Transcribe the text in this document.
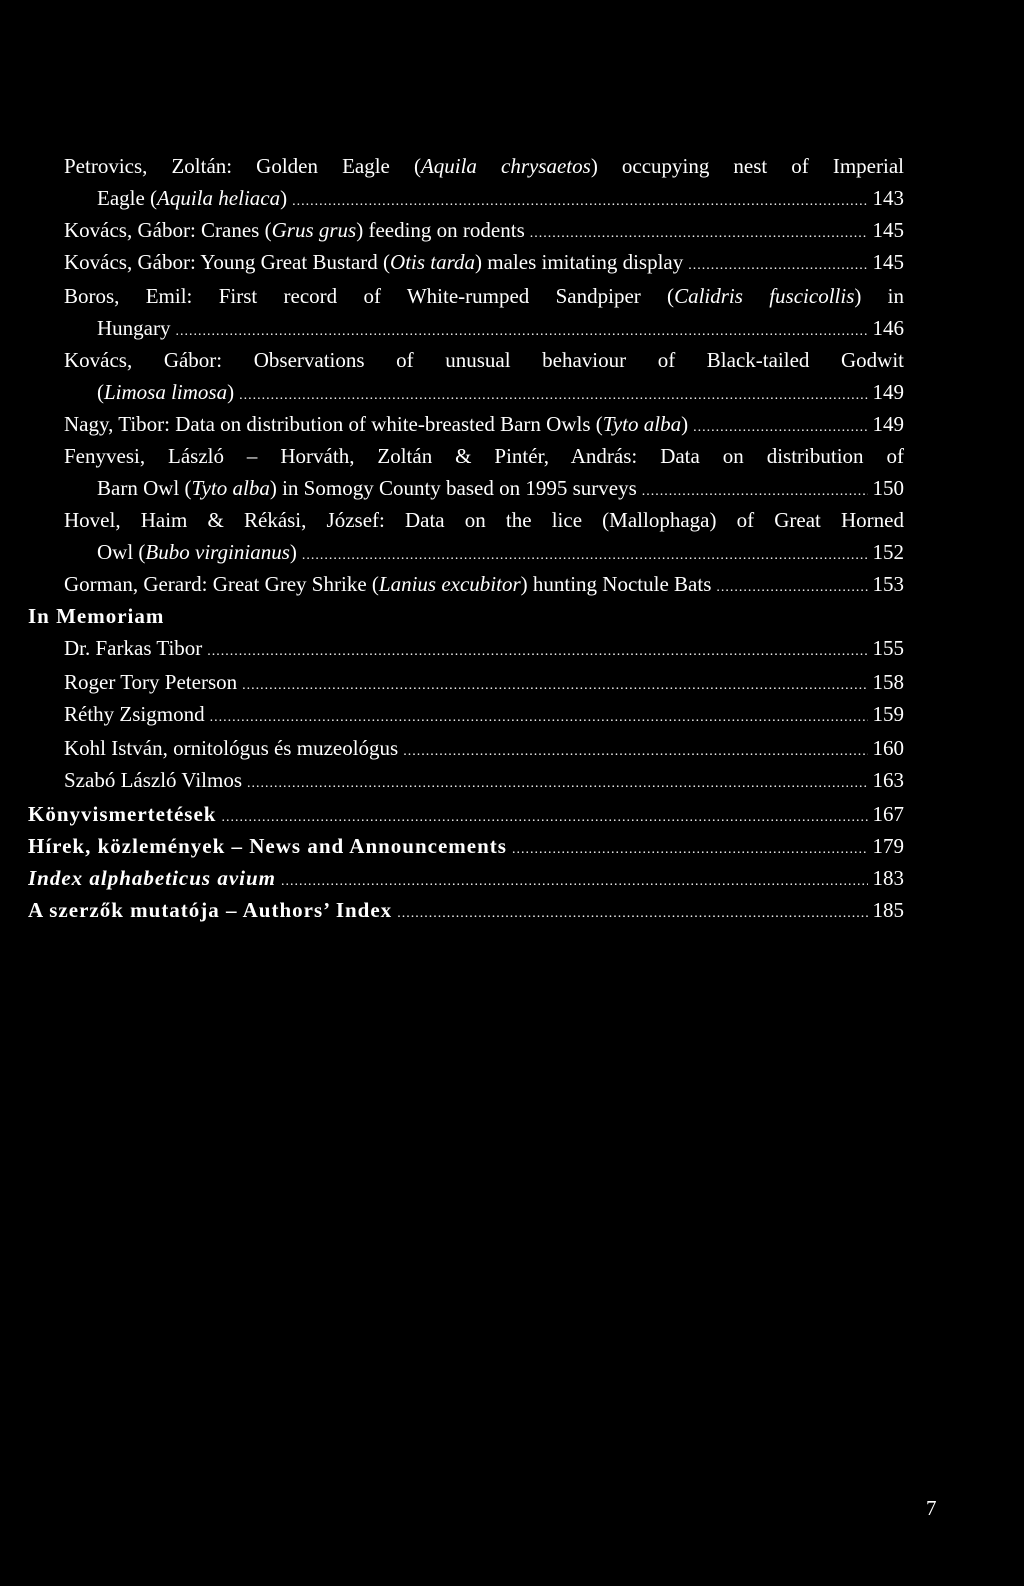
Petrovics, Zoltán: Golden Eagle (Aquila chrysaetos) occupying nest of Imperial
Eagle (Aquila heliaca) .....	143
Kovács, Gábor: Cranes (Grus grus) feeding on rodents .....	145
Kovács, Gábor: Young Great Bustard (Otis tarda) males imitating display .....	145
Boros, Emil: First record of White-rumped Sandpiper (Calidris fuscicollis) in
Hungary .....	146
Kovács, Gábor: Observations of unusual behaviour of Black-tailed Godwit
(Limosa limosa) .....	149
Nagy, Tibor: Data on distribution of white-breasted Barn Owls (Tyto alba) .....	149
Fenyvesi, László – Horváth, Zoltán & Pintér, András: Data on distribution of
Barn Owl (Tyto alba) in Somogy County based on 1995 surveys .....	150
Hovel, Haim & Rékási, József: Data on the lice (Mallophaga) of Great Horned
Owl (Bubo virginianus) .....	152
Gorman, Gerard: Great Grey Shrike (Lanius excubitor) hunting Noctule Bats .....	153
In Memoriam
Dr. Farkas Tibor .....	155
Roger Tory Peterson .....	158
Réthy Zsigmond .....	159
Kohl István, ornitológus és muzeológus .....	160
Szabó László Vilmos .....	163
Könyvismertetések .....	167
Hírek, közlemények – News and Announcements .....	179
Index alphabeticus avium .....	183
A szerzők mutatója – Authors’ Index .....	185
7
